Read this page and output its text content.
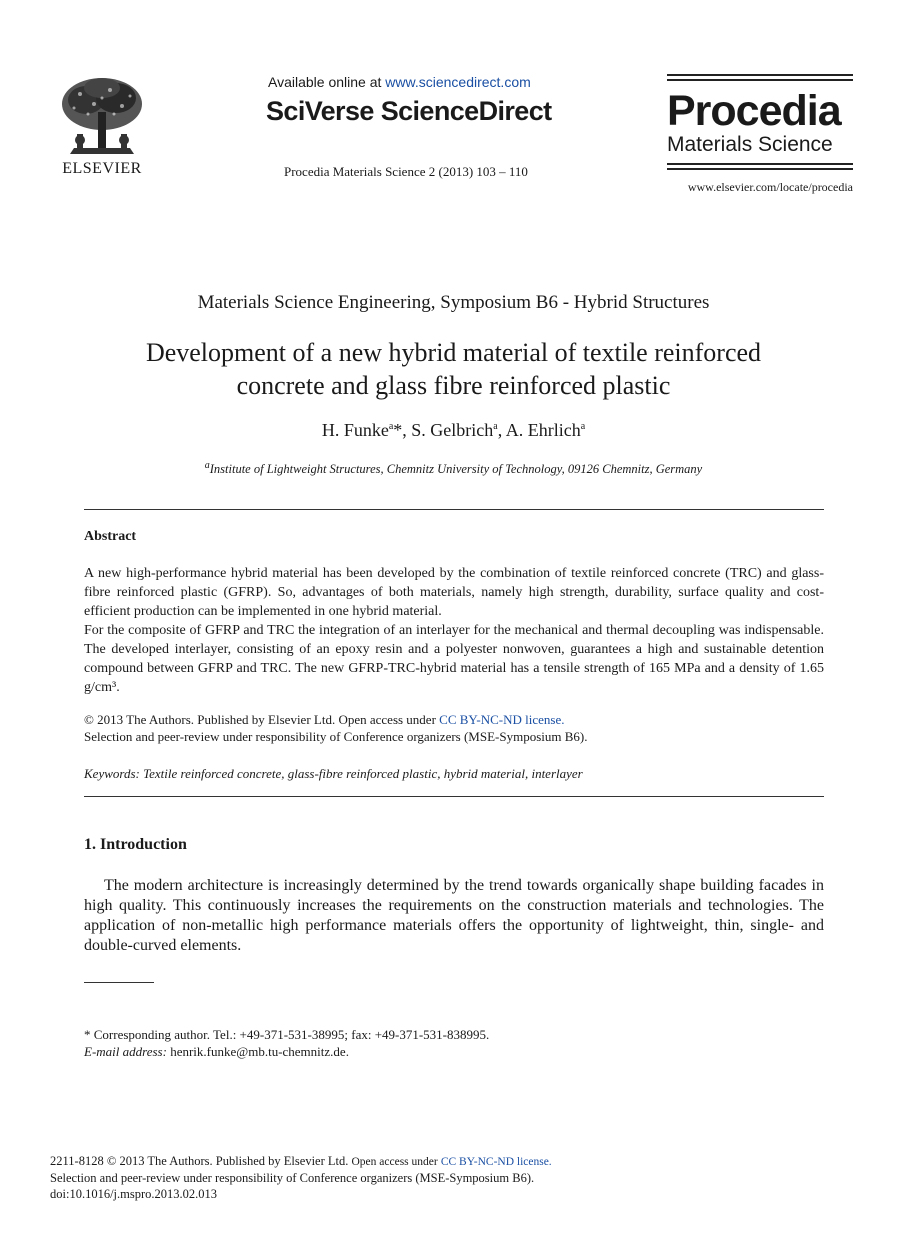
ELSEVIER
Available online at www.sciencedirect.com
SciVerse ScienceDirect
Procedia Materials Science 2 (2013) 103 – 110
Procedia
Materials Science
www.elsevier.com/locate/procedia
Materials Science Engineering, Symposium B6 - Hybrid Structures
Development of a new hybrid material of textile reinforced
concrete and glass fibre reinforced plastic
H. Funke$^a$*, S. Gelbrich$^a$, A. Ehrlich$^a$
$^a$Institute of Lightweight Structures, Chemnitz University of Technology, 09126 Chemnitz, Germany
Abstract
A new high-performance hybrid material has been developed by the combination of textile reinforced concrete (TRC) and glass-fibre reinforced plastic (GFRP). So, advantages of both materials, namely high strength, durability, surface quality and cost-efficient production can be implemented in one hybrid material.
For the composite of GFRP and TRC the integration of an interlayer for the mechanical and thermal decoupling was indispensable. The developed interlayer, consisting of an epoxy resin and a polyester nonwoven, guarantees a high and sustainable detention compound between GFRP and TRC. The new GFRP-TRC-hybrid material has a tensile strength of 165 MPa and a density of 1.65 g/cm³.
© 2013 The Authors. Published by Elsevier Ltd. Open access under CC BY-NC-ND license.
Selection and peer-review under responsibility of Conference organizers (MSE-Symposium B6).
Keywords: Textile reinforced concrete, glass-fibre reinforced plastic, hybrid material, interlayer
1. Introduction
The modern architecture is increasingly determined by the trend towards organically shape building facades in high quality. This continuously increases the requirements on the construction materials and technologies. The application of non-metallic high performance materials offers the opportunity of lightweight, thin, single- and double-curved elements.
* Corresponding author. Tel.: +49-371-531-38995; fax: +49-371-531-838995.
E-mail address: henrik.funke@mb.tu-chemnitz.de.
2211-8128 © 2013 The Authors. Published by Elsevier Ltd. Open access under CC BY-NC-ND license.
Selection and peer-review under responsibility of Conference organizers (MSE-Symposium B6).
doi:10.1016/j.mspro.2013.02.013
